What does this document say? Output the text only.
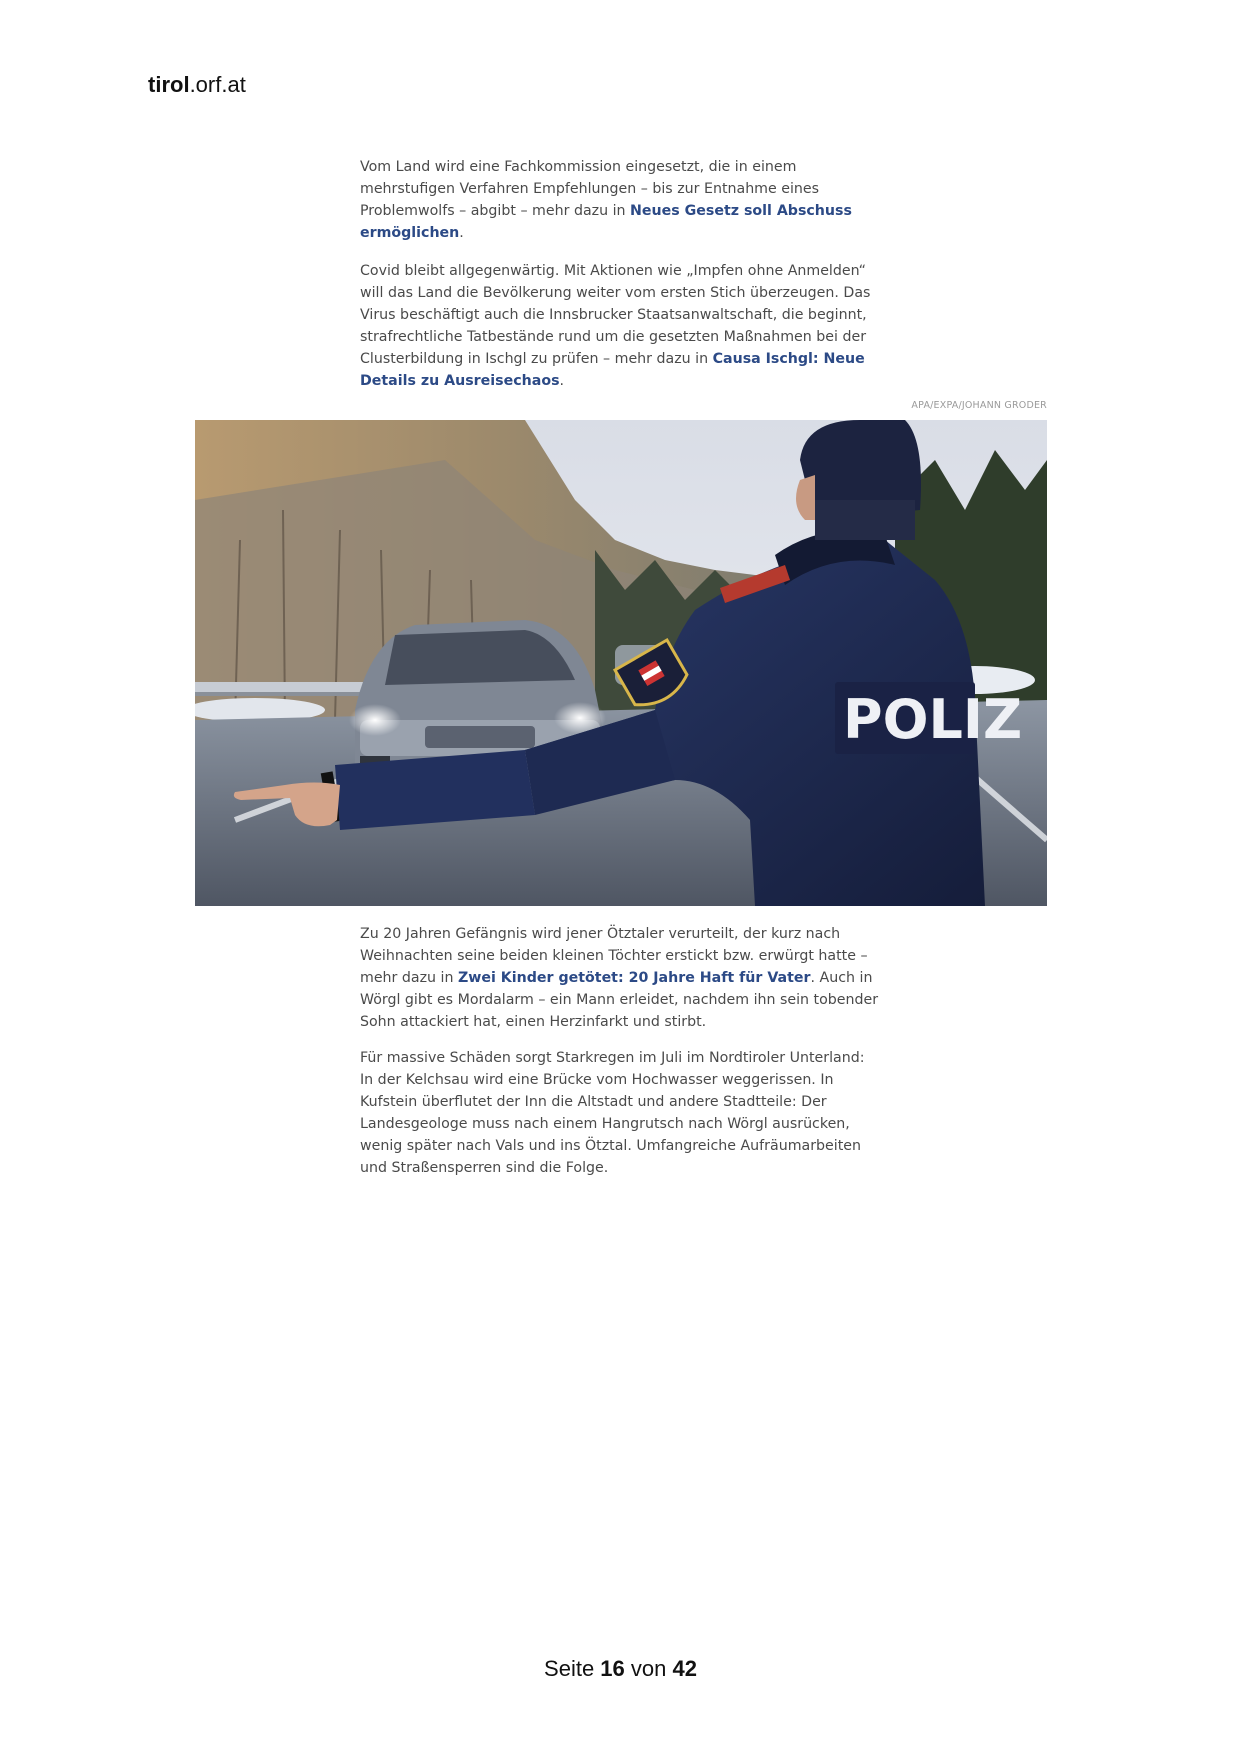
tirol.orf.at

Vom Land wird eine Fachkommission eingesetzt, die in einem mehrstufigen Verfahren Empfehlungen – bis zur Entnahme eines Problemwolfs – abgibt – mehr dazu in Neues Gesetz soll Abschuss ermöglichen.

Covid bleibt allgegenwärtig. Mit Aktionen wie „Impfen ohne Anmelden“ will das Land die Bevölkerung weiter vom ersten Stich überzeugen. Das Virus beschäftigt auch die Innsbrucker Staatsanwaltschaft, die beginnt, strafrechtliche Tatbestände rund um die gesetzten Maßnahmen bei der Clusterbildung in Ischgl zu prüfen – mehr dazu in Causa Ischgl: Neue Details zu Ausreisechaos.

APA/EXPA/JOHANN GRODER
POLIZ

Zu 20 Jahren Gefängnis wird jener Ötztaler verurteilt, der kurz nach Weihnachten seine beiden kleinen Töchter erstickt bzw. erwürgt hatte – mehr dazu in Zwei Kinder getötet: 20 Jahre Haft für Vater. Auch in Wörgl gibt es Mordalarm – ein Mann erleidet, nachdem ihn sein tobender Sohn attackiert hat, einen Herzinfarkt und stirbt.

Für massive Schäden sorgt Starkregen im Juli im Nordtiroler Unterland: In der Kelchsau wird eine Brücke vom Hochwasser weggerissen. In Kufstein überflutet der Inn die Altstadt und andere Stadtteile: Der Landesgeologe muss nach einem Hangrutsch nach Wörgl ausrücken, wenig später nach Vals und ins Ötztal. Umfangreiche Aufräumarbeiten und Straßensperren sind die Folge.

Seite 16 von 42
